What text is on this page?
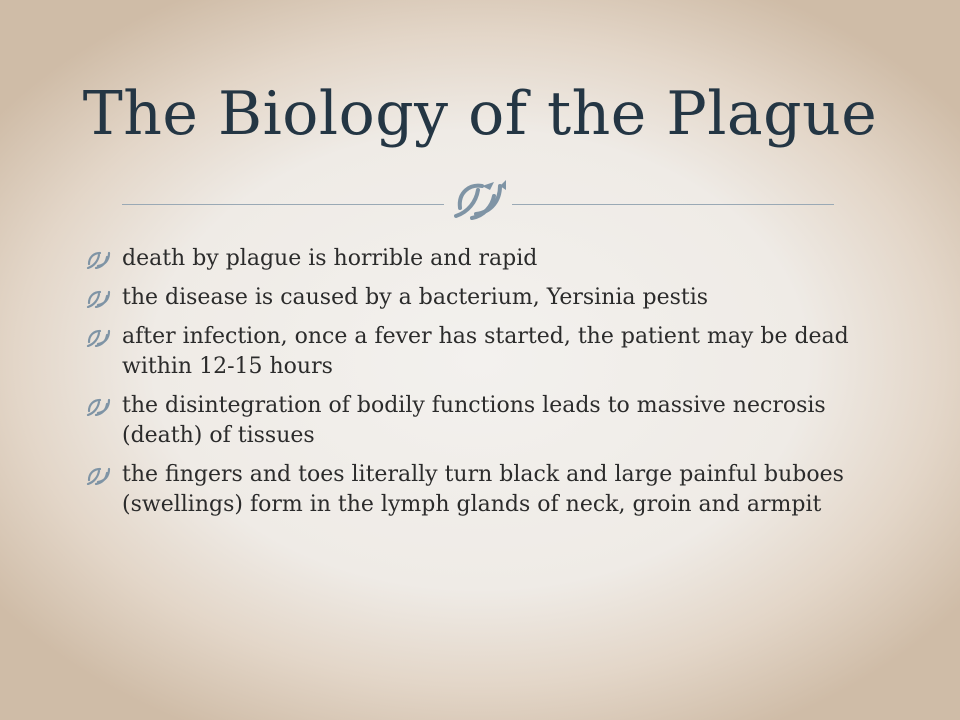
The Biology of the Plague
death by plague is horrible and rapid
the disease is caused by a bacterium, Yersinia pestis
after infection, once a fever has started, the patient may be dead within 12-15 hours
the disintegration of bodily functions leads to massive necrosis (death) of tissues
the fingers and toes literally turn black and large painful buboes (swellings) form in the lymph glands of neck, groin and armpit
